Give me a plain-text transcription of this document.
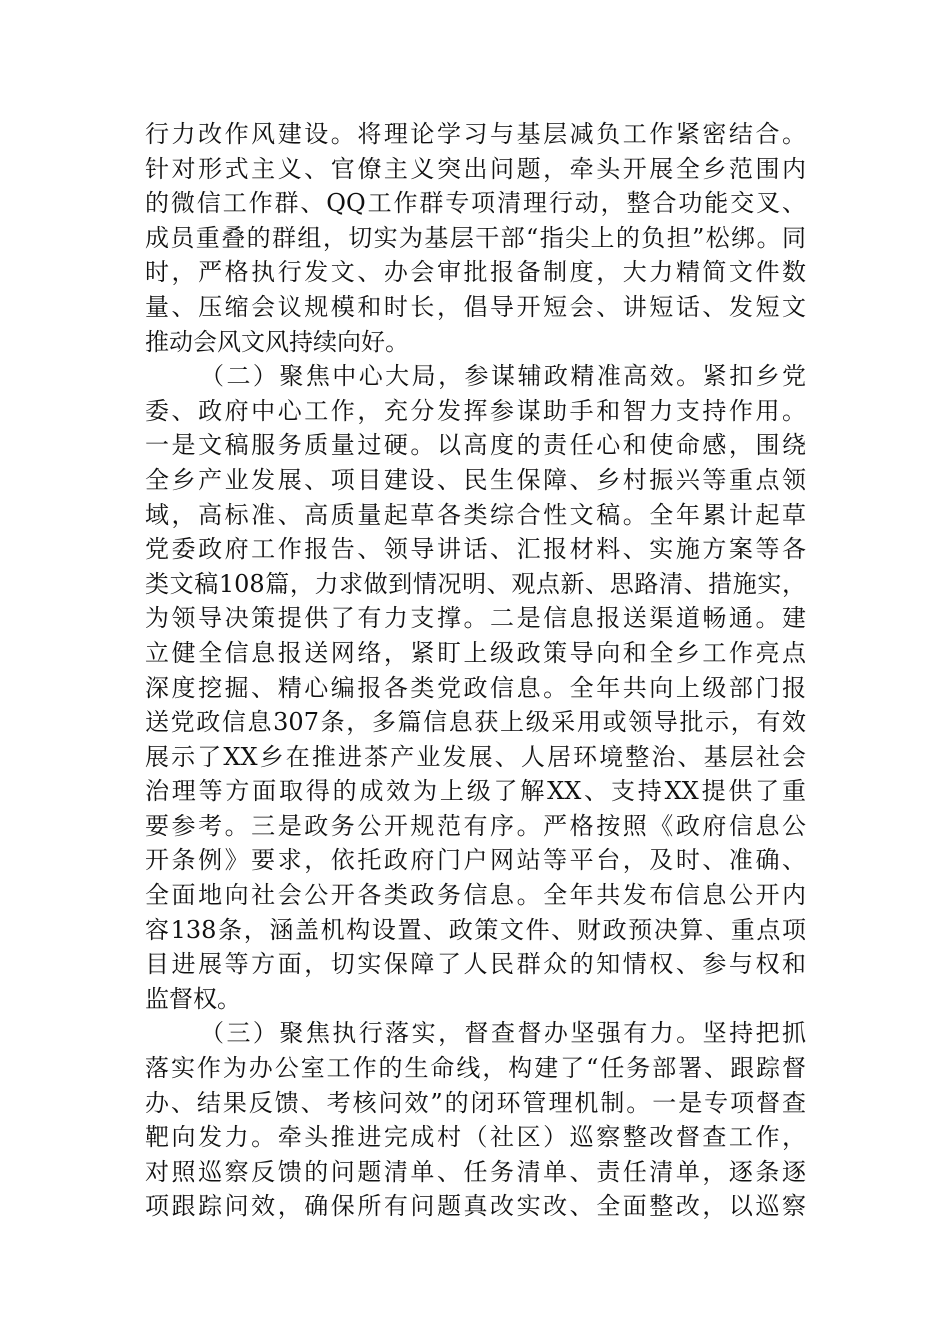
行力改作风建设。将理论学习与基层减负工作紧密结合。
针对形式主义、官僚主义突出问题，牵头开展全乡范围内
的微信工作群、QQ工作群专项清理行动，整合功能交叉、
成员重叠的群组，切实为基层干部“指尖上的负担”松绑。同
时，严格执行发文、办会审批报备制度，大力精简文件数
量、压缩会议规模和时长，倡导开短会、讲短话、发短文
推动会风文风持续向好。
（二）聚焦中心大局，参谋辅政精准高效。紧扣乡党
委、政府中心工作，充分发挥参谋助手和智力支持作用。
一是文稿服务质量过硬。以高度的责任心和使命感，围绕
全乡产业发展、项目建设、民生保障、乡村振兴等重点领
域，高标准、高质量起草各类综合性文稿。全年累计起草
党委政府工作报告、领导讲话、汇报材料、实施方案等各
类文稿108篇，力求做到情况明、观点新、思路清、措施实，
为领导决策提供了有力支撑。二是信息报送渠道畅通。建
立健全信息报送网络，紧盯上级政策导向和全乡工作亮点
深度挖掘、精心编报各类党政信息。全年共向上级部门报
送党政信息307条，多篇信息获上级采用或领导批示，有效
展示了XX乡在推进茶产业发展、人居环境整治、基层社会
治理等方面取得的成效为上级了解XX、支持XX提供了重
要参考。三是政务公开规范有序。严格按照《政府信息公
开条例》要求，依托政府门户网站等平台，及时、准确、
全面地向社会公开各类政务信息。全年共发布信息公开内
容138条，涵盖机构设置、政策文件、财政预决算、重点项
目进展等方面，切实保障了人民群众的知情权、参与权和
监督权。
（三）聚焦执行落实，督查督办坚强有力。坚持把抓
落实作为办公室工作的生命线，构建了“任务部署、跟踪督
办、结果反馈、考核问效”的闭环管理机制。一是专项督查
靶向发力。牵头推进完成村（社区）巡察整改督查工作，
对照巡察反馈的问题清单、任务清单、责任清单，逐条逐
项跟踪问效，确保所有问题真改实改、全面整改，以巡察
